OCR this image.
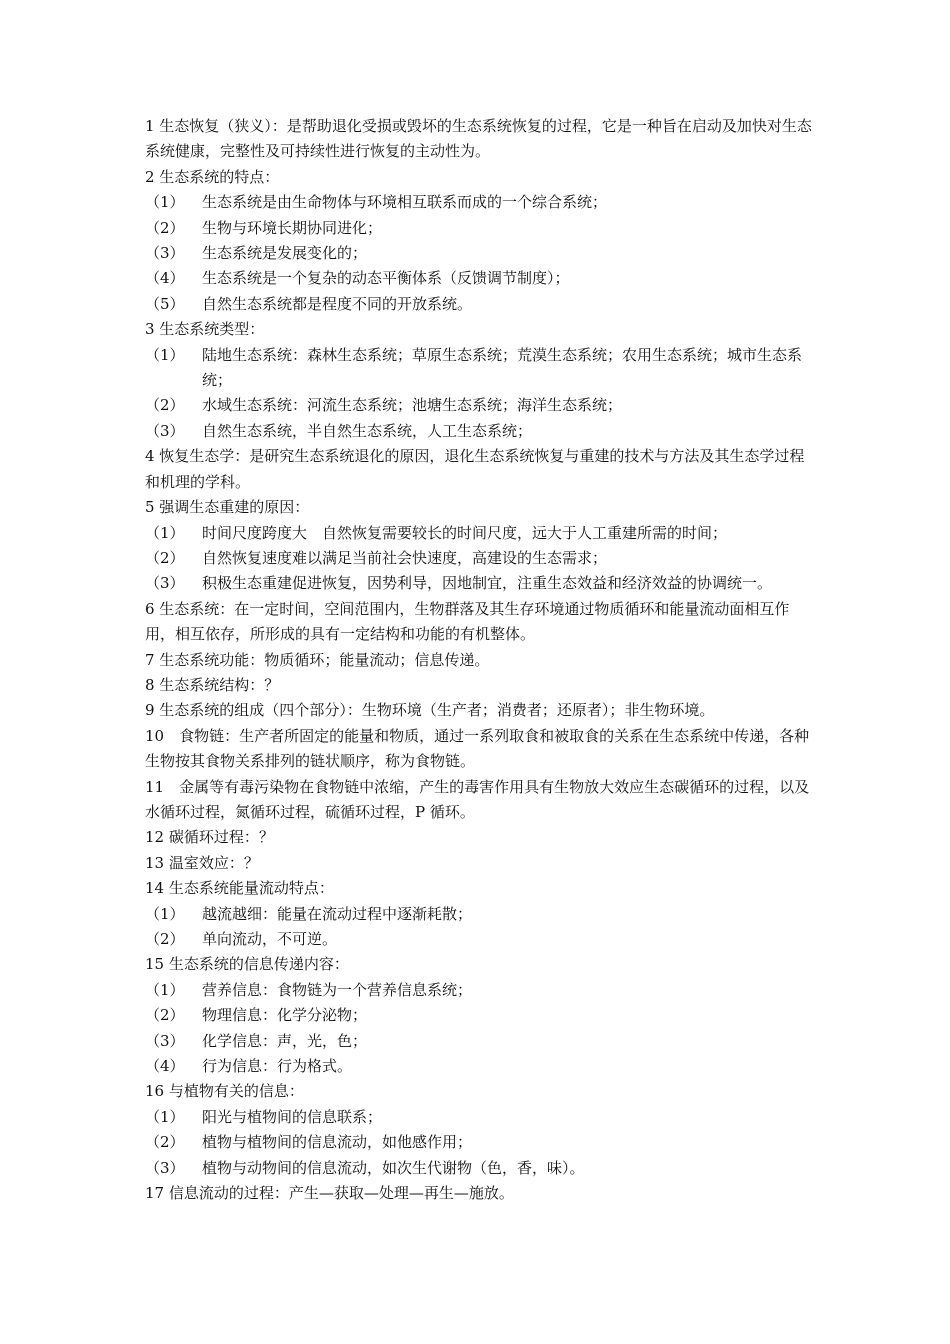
1 生态恢复（狭义）：是帮助退化受损或毁坏的生态系统恢复的过程，它是一种旨在启动及加快对生态系统健康，完整性及可持续性进行恢复的主动性为。

2 生态系统的特点：

（1）	生态系统是由生命物体与环境相互联系而成的一个综合系统；
（2）	生物与环境长期协同进化；
（3）	生态系统是发展变化的；
（4）	生态系统是一个复杂的动态平衡体系（反馈调节制度）；
（5）	自然生态系统都是程度不同的开放系统。

3 生态系统类型：

（1）	陆地生态系统：森林生态系统；草原生态系统；荒漠生态系统；农用生态系统；城市生态系统；
（2）	水域生态系统：河流生态系统；池塘生态系统；海洋生态系统；
（3）	自然生态系统，半自然生态系统，人工生态系统；

4 恢复生态学：是研究生态系统退化的原因，退化生态系统恢复与重建的技术与方法及其生态学过程和机理的学科。

5 强调生态重建的原因：

（1）	时间尺度跨度大　自然恢复需要较长的时间尺度，远大于人工重建所需的时间；
（2）	自然恢复速度难以满足当前社会快速度，高建设的生态需求；
（3）	积极生态重建促进恢复，因势利导，因地制宜，注重生态效益和经济效益的协调统一。

6 生态系统：在一定时间，空间范围内，生物群落及其生存环境通过物质循环和能量流动面相互作用，相互依存，所形成的具有一定结构和功能的有机整体。

7 生态系统功能：物质循环；能量流动；信息传递。

8 生态系统结构：？

9 生态系统的组成（四个部分）：生物环境（生产者；消费者；还原者）；非生物环境。

10　食物链：生产者所固定的能量和物质，通过一系列取食和被取食的关系在生态系统中传递，各种生物按其食物关系排列的链状顺序，称为食物链。

11　金属等有毒污染物在食物链中浓缩，产生的毒害作用具有生物放大效应生态碳循环的过程，以及水循环过程，氮循环过程，硫循环过程，P 循环。

12 碳循环过程：？

13 温室效应：？

14 生态系统能量流动特点：

（1）	越流越细：能量在流动过程中逐渐耗散；
（2）	单向流动，不可逆。

15 生态系统的信息传递内容：

（1）	营养信息：食物链为一个营养信息系统；
（2）	物理信息：化学分泌物；
（3）	化学信息：声，光，色；
（4）	行为信息：行为格式。

16 与植物有关的信息：

（1）	阳光与植物间的信息联系；
（2）	植物与植物间的信息流动，如他感作用；
（3）	植物与动物间的信息流动，如次生代谢物（色，香，味）。

17 信息流动的过程：产生—获取—处理—再生—施放。
